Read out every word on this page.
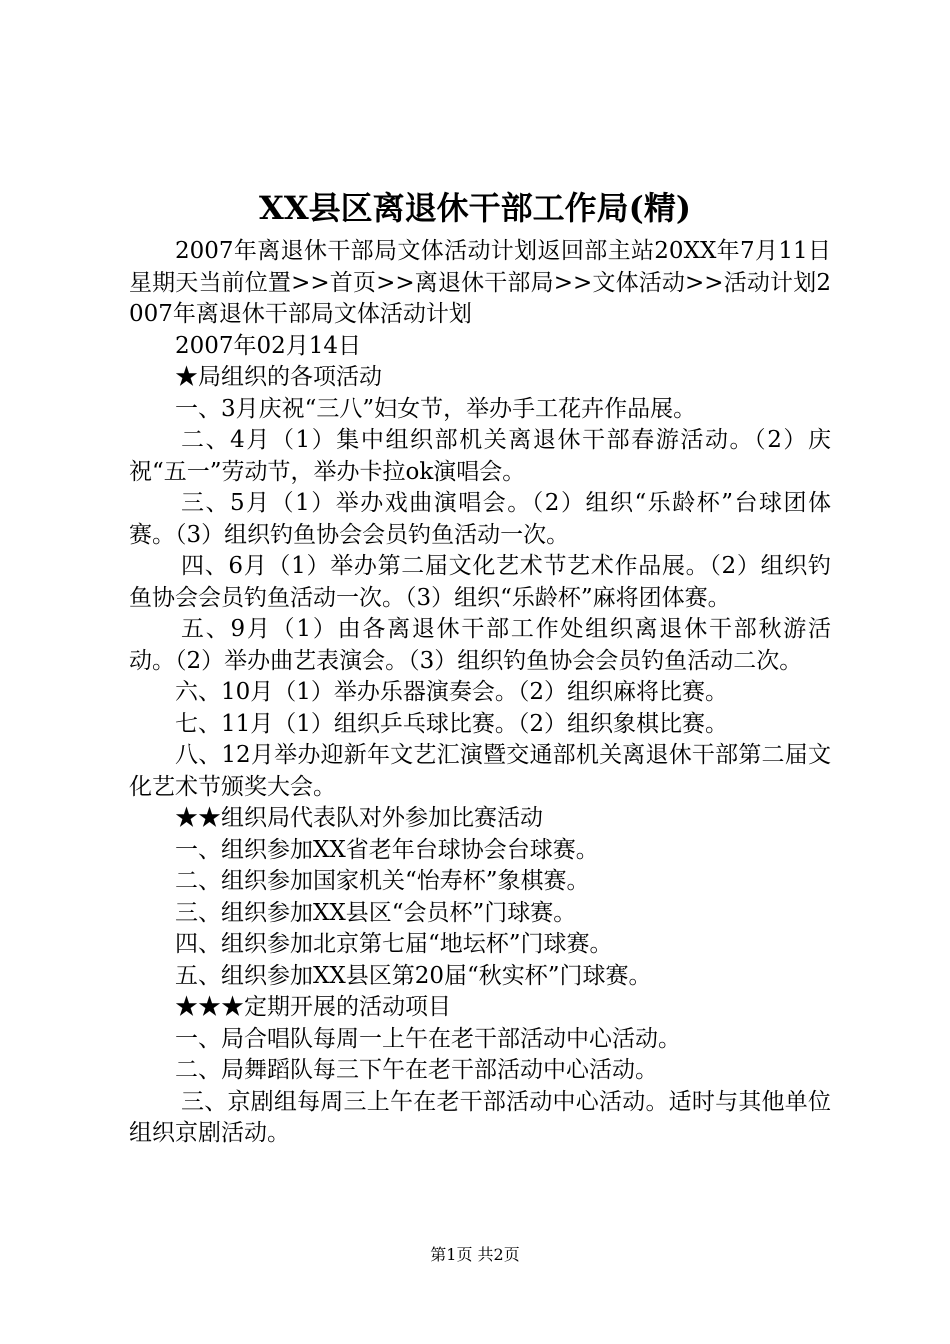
XX县区离退休干部工作局(精)

2007年离退休干部局文体活动计划返回部主站20XX年7月11日星期天当前位置>>首页>>离退休干部局>>文体活动>>活动计划2007年离退休干部局文体活动计划

2007年02月14日

★局组织的各项活动

一、3月庆祝“三八”妇女节，举办手工花卉作品展。

二、4月（1）集中组织部机关离退休干部春游活动。（2）庆祝“五一”劳动节，举办卡拉ok演唱会。

三、5月（1）举办戏曲演唱会。（2）组织“乐龄杯”台球团体赛。（3）组织钓鱼协会会员钓鱼活动一次。

四、6月（1）举办第二届文化艺术节艺术作品展。（2）组织钓鱼协会会员钓鱼活动一次。（3）组织“乐龄杯”麻将团体赛。

五、9月（1）由各离退休干部工作处组织离退休干部秋游活动。（2）举办曲艺表演会。（3）组织钓鱼协会会员钓鱼活动二次。

六、10月（1）举办乐器演奏会。（2）组织麻将比赛。

七、11月（1）组织乒乓球比赛。（2）组织象棋比赛。

八、12月举办迎新年文艺汇演暨交通部机关离退休干部第二届文化艺术节颁奖大会。

★★组织局代表队对外参加比赛活动

一、组织参加XX省老年台球协会台球赛。

二、组织参加国家机关“怡寿杯”象棋赛。

三、组织参加XX县区“会员杯”门球赛。

四、组织参加北京第七届“地坛杯”门球赛。

五、组织参加XX县区第20届“秋实杯”门球赛。

★★★定期开展的活动项目

一、局合唱队每周一上午在老干部活动中心活动。

二、局舞蹈队每三下午在老干部活动中心活动。

三、京剧组每周三上午在老干部活动中心活动。适时与其他单位组织京剧活动。

第1页 共2页
